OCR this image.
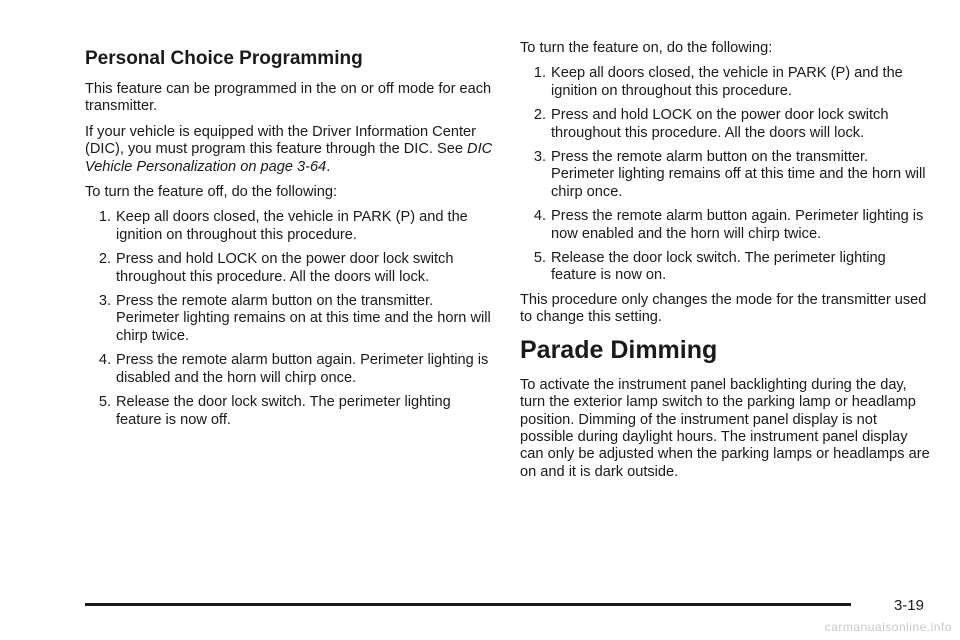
Personal Choice Programming

This feature can be programmed in the on or off mode for each transmitter.

If your vehicle is equipped with the Driver Information Center (DIC), you must program this feature through the DIC. See DIC Vehicle Personalization on page 3-64.

To turn the feature off, do the following:

1. Keep all doors closed, the vehicle in PARK (P) and the ignition on throughout this procedure.
2. Press and hold LOCK on the power door lock switch throughout this procedure. All the doors will lock.
3. Press the remote alarm button on the transmitter. Perimeter lighting remains on at this time and the horn will chirp twice.
4. Press the remote alarm button again. Perimeter lighting is disabled and the horn will chirp once.
5. Release the door lock switch. The perimeter lighting feature is now off.

To turn the feature on, do the following:

1. Keep all doors closed, the vehicle in PARK (P) and the ignition on throughout this procedure.
2. Press and hold LOCK on the power door lock switch throughout this procedure. All the doors will lock.
3. Press the remote alarm button on the transmitter. Perimeter lighting remains off at this time and the horn will chirp once.
4. Press the remote alarm button again. Perimeter lighting is now enabled and the horn will chirp twice.
5. Release the door lock switch. The perimeter lighting feature is now on.

This procedure only changes the mode for the transmitter used to change this setting.

Parade Dimming

To activate the instrument panel backlighting during the day, turn the exterior lamp switch to the parking lamp or headlamp position. Dimming of the instrument panel display is not possible during daylight hours. The instrument panel display can only be adjusted when the parking lamps or headlamps are on and it is dark outside.

3-19
carmanualsonline.info
